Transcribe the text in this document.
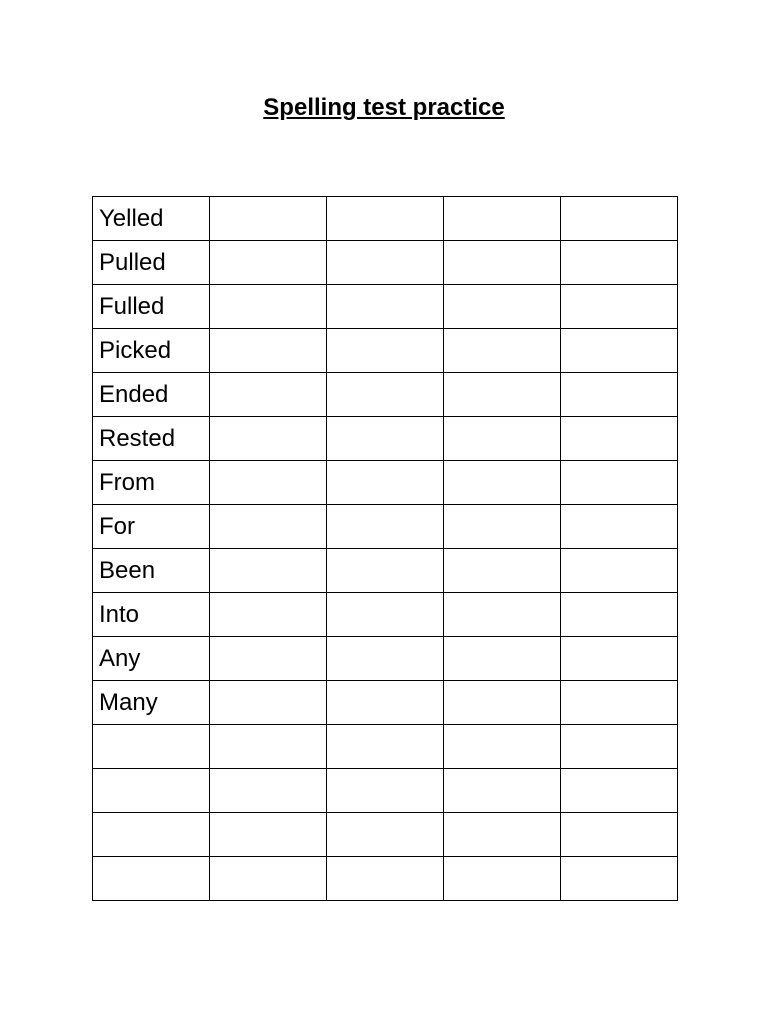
Spelling test practice
Yelled				
Pulled				
Fulled				
Picked				
Ended				
Rested				
From				
For				
Been				
Into				
Any				
Many				
